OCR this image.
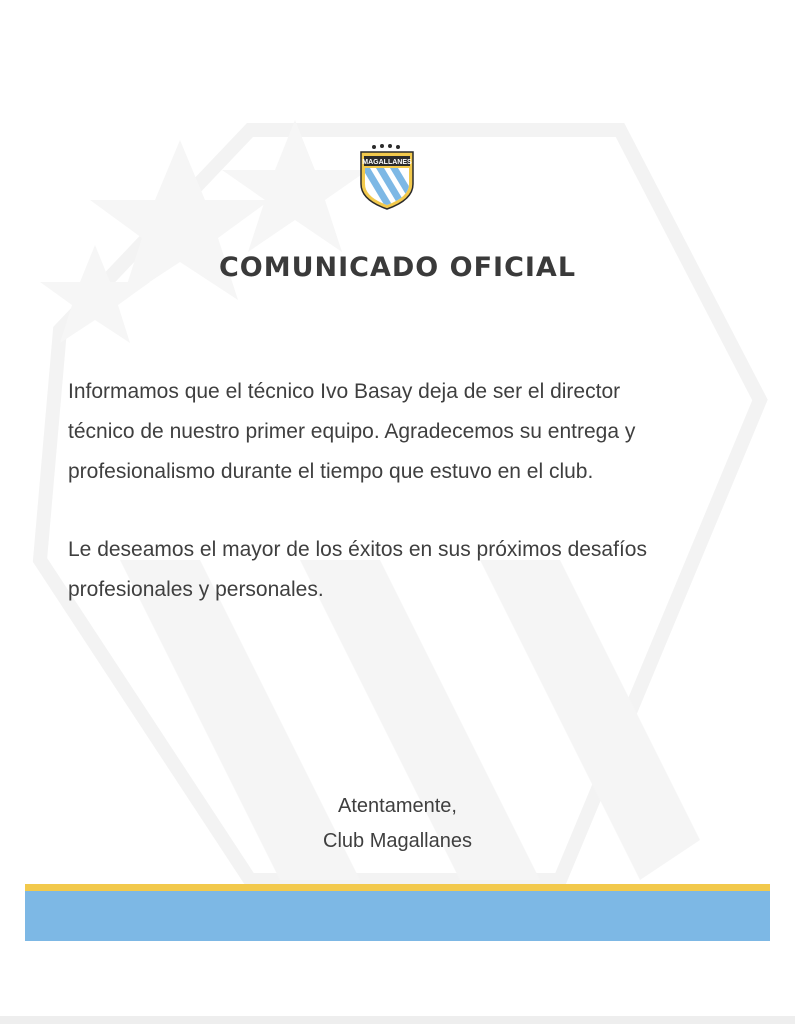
MAGALLANES
COMUNICADO OFICIAL
Informamos que el técnico Ivo Basay deja de ser el director
técnico de nuestro primer equipo. Agradecemos su entrega y
profesionalismo durante el tiempo que estuvo en el club.
Le deseamos el mayor de los éxitos en sus próximos desafíos
profesionales y personales.
Atentamente,
Club Magallanes
